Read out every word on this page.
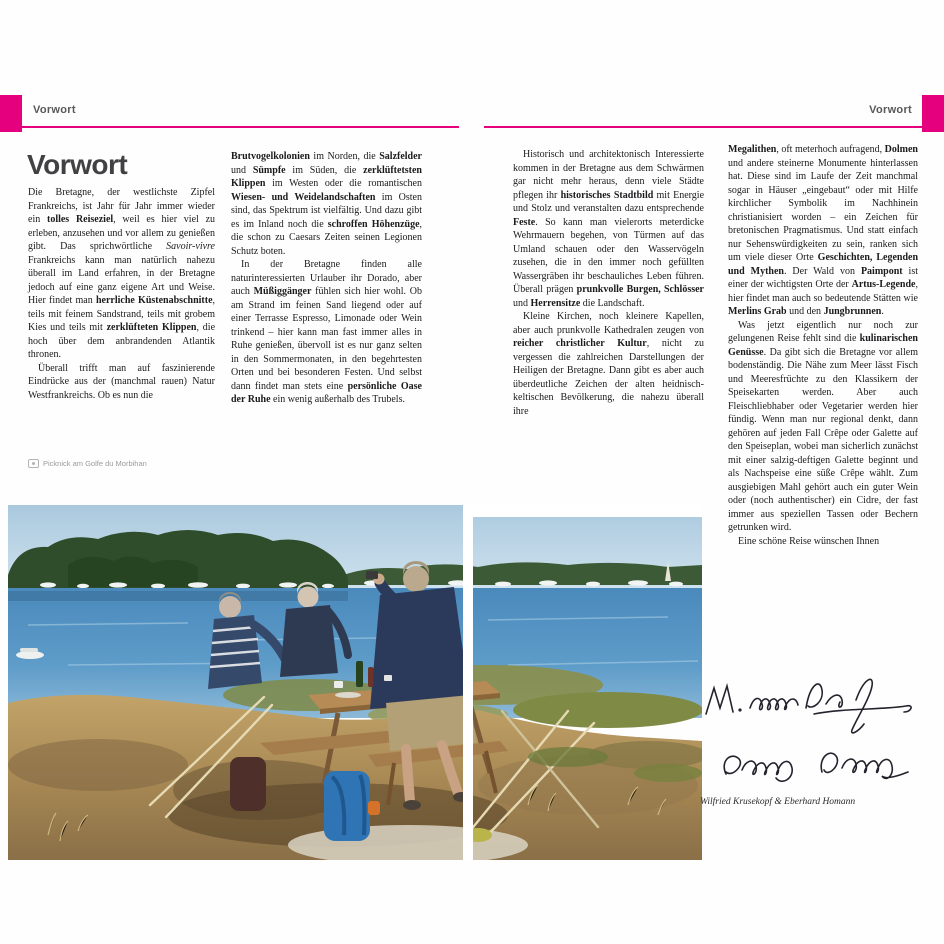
Vorwort	Vorwort
Vorwort

Die Bretagne, der westlichste Zipfel Frankreichs, ist Jahr für Jahr immer wieder ein tolles Reiseziel, weil es hier viel zu erleben, anzusehen und vor allem zu genießen gibt. Das sprichwörtliche Savoir-vivre Frankreichs kann man natürlich nahezu überall im Land erfahren, in der Bretagne jedoch auf eine ganz eigene Art und Weise. Hier findet man herrliche Küstenabschnitte, teils mit feinem Sandstrand, teils mit grobem Kies und teils mit zerklüfteten Klippen, die hoch über dem anbrandenden Atlantik thronen.

Überall trifft man auf faszinierende Eindrücke aus der (manchmal rauen) Natur Westfrankreichs. Ob es nun die

Brutvogelkolonien im Norden, die Salzfelder und Sümpfe im Süden, die zerklüftetsten Klippen im Westen oder die romantischen Wiesen- und Weidelandschaften im Osten sind, das Spektrum ist vielfältig. Und dazu gibt es im Inland noch die schroffen Höhenzüge, die schon zu Caesars Zeiten seinen Legionen Schutz boten.

In der Bretagne finden alle naturinteressierten Urlauber ihr Dorado, aber auch Müßiggänger fühlen sich hier wohl. Ob am Strand im feinen Sand liegend oder auf einer Terrasse Espresso, Limonade oder Wein trinkend – hier kann man fast immer alles in Ruhe genießen, übervoll ist es nur ganz selten in den Sommermonaten, in den begehrtesten Orten und bei besonderen Festen. Und selbst dann findet man stets eine persönliche Oase der Ruhe ein wenig außerhalb des Trubels.

Historisch und architektonisch Interessierte kommen in der Bretagne aus dem Schwärmen gar nicht mehr heraus, denn viele Städte pflegen ihr historisches Stadtbild mit Energie und Stolz und veranstalten dazu entsprechende Feste. So kann man vielerorts meterdicke Wehrmauern begehen, von Türmen auf das Umland schauen oder den Wasservögeln zusehen, die in den immer noch gefüllten Wassergräben ihr beschauliches Leben führen. Überall prägen prunkvolle Burgen, Schlösser und Herrensitze die Landschaft.

Kleine Kirchen, noch kleinere Kapellen, aber auch prunkvolle Kathedralen zeugen von reicher christlicher Kultur, nicht zu vergessen die zahlreichen Darstellungen der Heiligen der Bretagne. Dann gibt es aber auch überdeutliche Zeichen der alten heidnisch-keltischen Bevölkerung, die nahezu überall ihre

Megalithen, oft meterhoch aufragend, Dolmen und andere steinerne Monumente hinterlassen hat. Diese sind im Laufe der Zeit manchmal sogar in Häuser „eingebaut“ oder mit Hilfe kirchlicher Symbolik im Nachhinein christianisiert worden – ein Zeichen für bretonischen Pragmatismus. Und statt einfach nur Sehenswürdigkeiten zu sein, ranken sich um viele dieser Orte Geschichten, Legenden und Mythen. Der Wald von Paimpont ist einer der wichtigsten Orte der Artus-Legende, hier findet man auch so bedeutende Stätten wie Merlins Grab und den Jungbrunnen.

Was jetzt eigentlich nur noch zur gelungenen Reise fehlt sind die kulinarischen Genüsse. Da gibt sich die Bretagne vor allem bodenständig. Die Nähe zum Meer lässt Fisch und Meeresfrüchte zu den Klassikern der Speisekarten werden. Aber auch Fleischliebhaber oder Vegetarier werden hier fündig. Wenn man nur regional denkt, dann gehören auf jeden Fall Crêpe oder Galette auf den Speiseplan, wobei man sicherlich zunächst mit einer salzig-deftigen Galette beginnt und als Nachspeise eine süße Crêpe wählt. Zum ausgiebigen Mahl gehört auch ein guter Wein oder (noch authentischer) ein Cidre, der fast immer aus speziellen Tassen oder Bechern getrunken wird.

Eine schöne Reise wünschen Ihnen

Picknick am Golfe du Morbihan
Wilfried Krusekopf & Eberhard Homann
